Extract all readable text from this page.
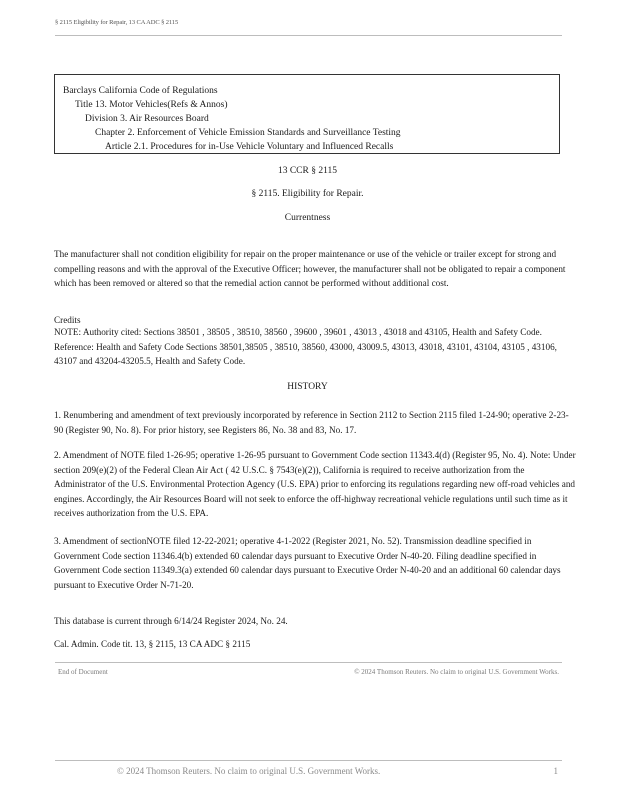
§ 2115 Eligibility for Repair, 13 CA ADC § 2115
Barclays California Code of Regulations
Title 13. Motor Vehicles(Refs & Annos)
Division 3. Air Resources Board
Chapter 2. Enforcement of Vehicle Emission Standards and Surveillance Testing
Article 2.1. Procedures for in-Use Vehicle Voluntary and Influenced Recalls
13 CCR § 2115
§ 2115. Eligibility for Repair.
Currentness
The manufacturer shall not condition eligibility for repair on the proper maintenance or use of the vehicle or trailer except for strong and compelling reasons and with the approval of the Executive Officer; however, the manufacturer shall not be obligated to repair a component which has been removed or altered so that the remedial action cannot be performed without additional cost.
Credits
NOTE: Authority cited: Sections 38501 , 38505 , 38510, 38560 , 39600 , 39601 , 43013 , 43018 and 43105, Health and Safety Code. Reference: Health and Safety Code Sections 38501,38505 , 38510, 38560, 43000, 43009.5, 43013, 43018, 43101, 43104, 43105 , 43106, 43107 and 43204-43205.5, Health and Safety Code.
HISTORY
1. Renumbering and amendment of text previously incorporated by reference in Section 2112 to Section 2115 filed 1-24-90; operative 2-23-90 (Register 90, No. 8). For prior history, see Registers 86, No. 38 and 83, No. 17.
2. Amendment of NOTE filed 1-26-95; operative 1-26-95 pursuant to Government Code section 11343.4(d) (Register 95, No. 4). Note: Under section 209(e)(2) of the Federal Clean Air Act ( 42 U.S.C. § 7543(e)(2)), California is required to receive authorization from the Administrator of the U.S. Environmental Protection Agency (U.S. EPA) prior to enforcing its regulations regarding new off-road vehicles and engines. Accordingly, the Air Resources Board will not seek to enforce the off-highway recreational vehicle regulations until such time as it receives authorization from the U.S. EPA.
3. Amendment of sectionNOTE filed 12-22-2021; operative 4-1-2022 (Register 2021, No. 52). Transmission deadline specified in Government Code section 11346.4(b) extended 60 calendar days pursuant to Executive Order N-40-20. Filing deadline specified in Government Code section 11349.3(a) extended 60 calendar days pursuant to Executive Order N-40-20 and an additional 60 calendar days pursuant to Executive Order N-71-20.
This database is current through 6/14/24 Register 2024, No. 24.
Cal. Admin. Code tit. 13, § 2115, 13 CA ADC § 2115
End of Document	© 2024 Thomson Reuters. No claim to original U.S. Government Works.
© 2024 Thomson Reuters. No claim to original U.S. Government Works.	1
